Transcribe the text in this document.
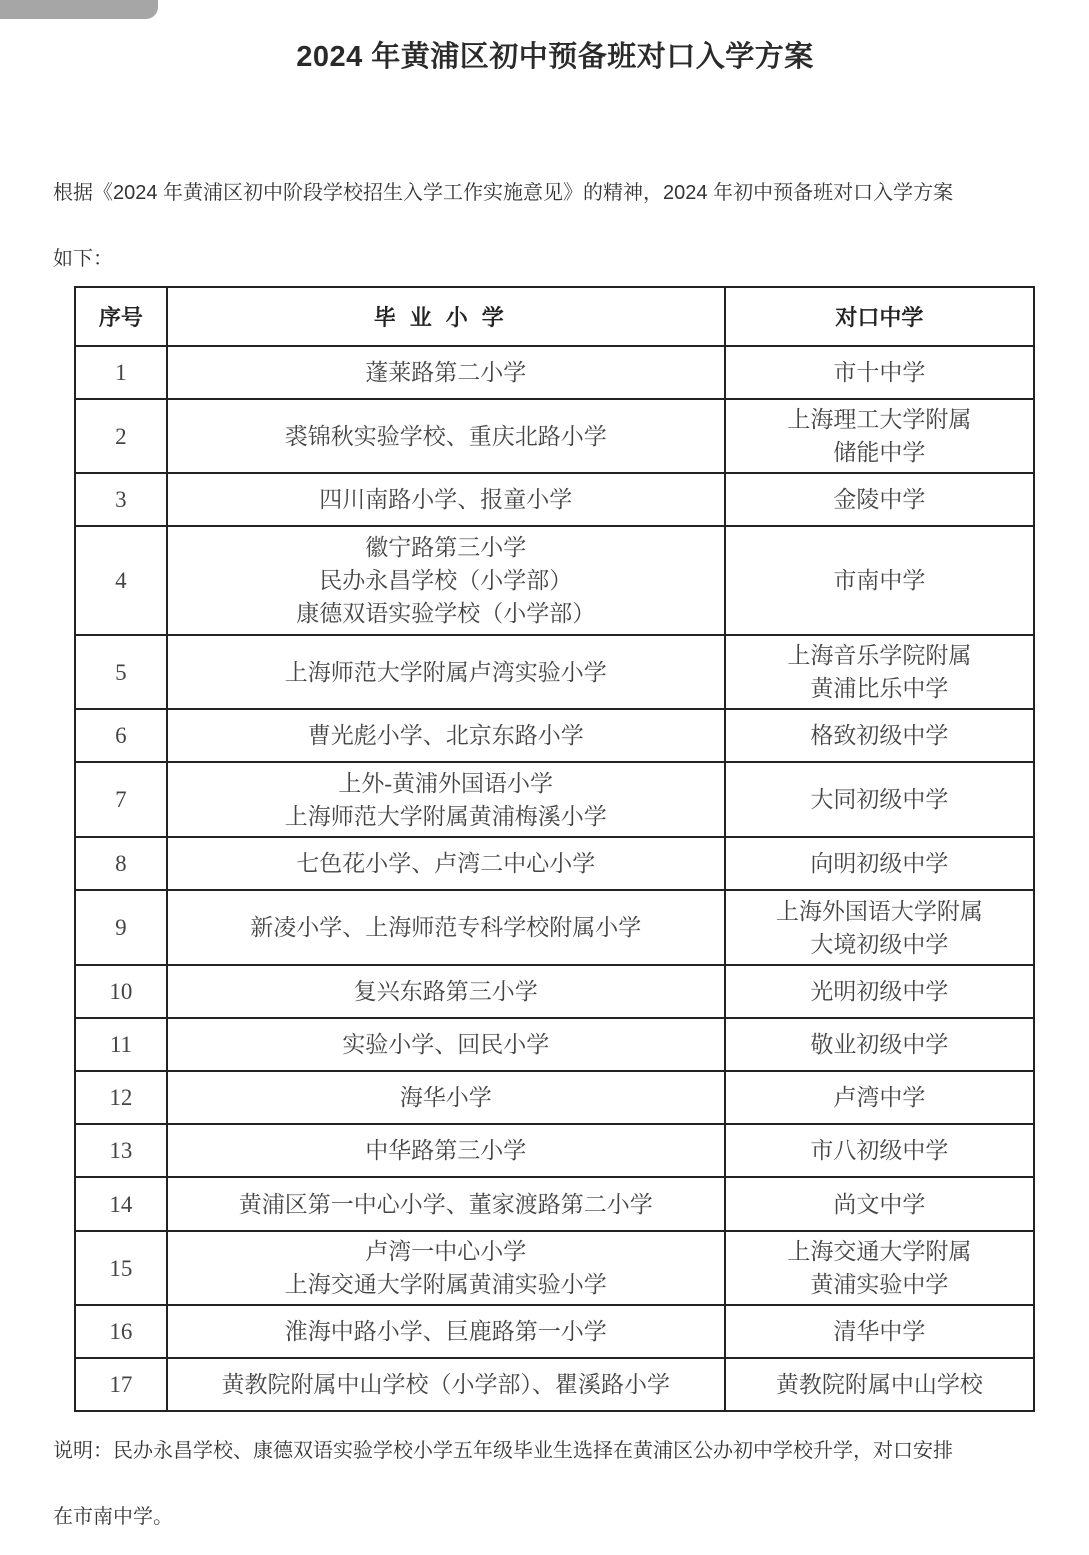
2024 年黄浦区初中预备班对口入学方案
根据《2024 年黄浦区初中阶段学校招生入学工作实施意见》的精神，2024 年初中预备班对口入学方案
如下：
序号	毕业小学	对口中学
1	蓬莱路第二小学	市十中学

2	裘锦秋实验学校、重庆北路小学	上海理工大学附属
储能中学

3	四川南路小学、报童小学	金陵中学

4	徽宁路第三小学
民办永昌学校（小学部）
康德双语实验学校（小学部）	市南中学

5	上海师范大学附属卢湾实验小学	上海音乐学院附属
黄浦比乐中学

6	曹光彪小学、北京东路小学	格致初级中学

7	上外-黄浦外国语小学
上海师范大学附属黄浦梅溪小学	大同初级中学

8	七色花小学、卢湾二中心小学	向明初级中学

9	新凌小学、上海师范专科学校附属小学	上海外国语大学附属
大境初级中学

10	复兴东路第三小学	光明初级中学

11	实验小学、回民小学	敬业初级中学

12	海华小学	卢湾中学

13	中华路第三小学	市八初级中学

14	黄浦区第一中心小学、董家渡路第二小学	尚文中学

15	卢湾一中心小学
上海交通大学附属黄浦实验小学	上海交通大学附属
黄浦实验中学

16	淮海中路小学、巨鹿路第一小学	清华中学

17	黄教院附属中山学校（小学部）、瞿溪路小学	黄教院附属中山学校
说明：民办永昌学校、康德双语实验学校小学五年级毕业生选择在黄浦区公办初中学校升学，对口安排
在市南中学。
